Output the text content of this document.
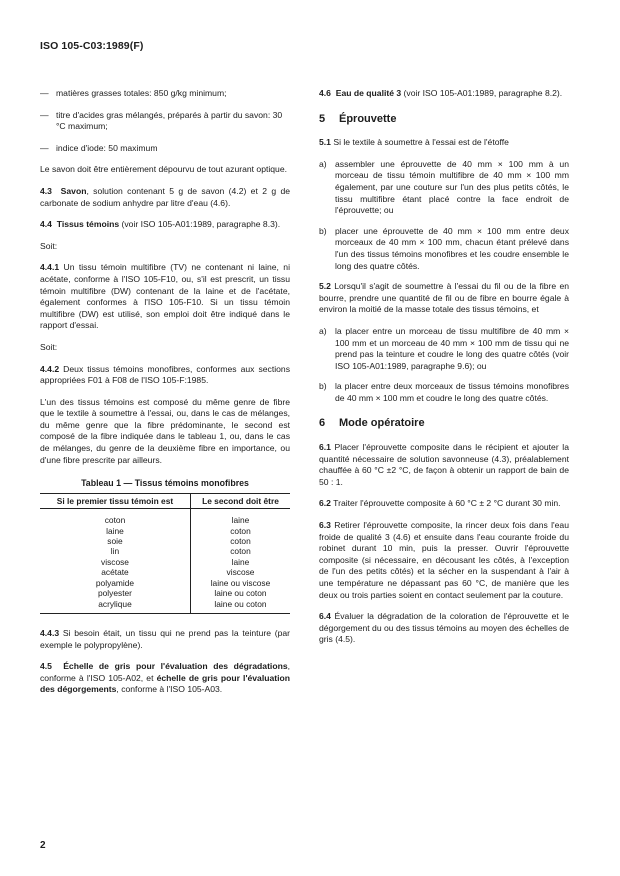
ISO 105-C03:1989(F)
— matières grasses totales: 850 g/kg minimum;
— titre d'acides gras mélangés, préparés à partir du savon: 30 °C maximum;
— indice d'iode: 50 maximum

Le savon doit être entièrement dépourvu de tout azurant optique.

4.3 Savon, solution contenant 5 g de savon (4.2) et 2 g de carbonate de sodium anhydre par litre d'eau (4.6).

4.4 Tissus témoins (voir ISO 105-A01:1989, paragraphe 8.3).

Soit:

4.4.1 Un tissu témoin multifibre (TV) ne contenant ni laine, ni acétate, conforme à l'ISO 105-F10, ou, s'il est prescrit, un tissu témoin multifibre (DW) contenant de la laine et de l'acétate, également conformes à l'ISO 105-F10. Si un tissu témoin multifibre (DW) est utilisé, son emploi doit être indiqué dans le rapport d'essai.

Soit:

4.4.2 Deux tissus témoins monofibres, conformes aux sections appropriées F01 à F08 de l'ISO 105-F:1985.

L'un des tissus témoins est composé du même genre de fibre que le textile à soumettre à l'essai, ou, dans le cas de mélanges, du même genre que la fibre prédominante, le second est composé de la fibre indiquée dans le tableau 1, ou, dans le cas de mélanges, du genre de la deuxième fibre en importance, ou d'une fibre prescrite par ailleurs.

Tableau 1 — Tissus témoins monofibres
Si le premier tissu témoin est	Le second doit être
coton	laine
laine	coton
soie	coton
lin	coton
viscose	laine
acétate	viscose
polyamide	laine ou viscose
polyester	laine ou coton
acrylique	laine ou coton

4.4.3 Si besoin était, un tissu qui ne prend pas la teinture (par exemple le polypropylène).

4.5 Échelle de gris pour l'évaluation des dégradations, conforme à l'ISO 105-A02, et échelle de gris pour l'évaluation des dégorgements, conforme à l'ISO 105-A03.

4.6 Eau de qualité 3 (voir ISO 105-A01:1989, paragraphe 8.2).

5 Éprouvette

5.1 Si le textile à soumettre à l'essai est de l'étoffe

a) assembler une éprouvette de 40 mm × 100 mm à un morceau de tissu témoin multifibre de 40 mm × 100 mm également, par une couture sur l'un des plus petits côtés, le tissu multifibre étant placé contre la face endroit de l'éprouvette; ou
b) placer une éprouvette de 40 mm × 100 mm entre deux morceaux de 40 mm × 100 mm, chacun étant prélevé dans l'un des tissus témoins monofibres et les coudre ensemble le long des quatre côtés.

5.2 Lorsqu'il s'agit de soumettre à l'essai du fil ou de la fibre en bourre, prendre une quantité de fil ou de fibre en bourre égale à environ la moitié de la masse totale des tissus témoins, et

a) la placer entre un morceau de tissu multifibre de 40 mm × 100 mm et un morceau de 40 mm × 100 mm de tissu qui ne prend pas la teinture et coudre le long des quatre côtés (voir ISO 105-A01:1989, paragraphe 9.6); ou
b) la placer entre deux morceaux de tissus témoins monofibres de 40 mm × 100 mm et coudre le long des quatre côtés.
6 Mode opératoire

6.1 Placer l'éprouvette composite dans le récipient et ajouter la quantité nécessaire de solution savonneuse (4.3), préalablement chauffée à 60 °C ±2 °C, de façon à obtenir un rapport de bain de 50 : 1.

6.2 Traiter l'éprouvette composite à 60 °C ± 2 °C durant 30 min.

6.3 Retirer l'éprouvette composite, la rincer deux fois dans l'eau froide de qualité 3 (4.6) et ensuite dans l'eau courante froide du robinet durant 10 min, puis la presser. Ouvrir l'éprouvette composite (si nécessaire, en décousant les côtés, à l'exception de l'un des petits côtés) et la sécher en la suspendant à l'air à une température ne dépassant pas 60 °C, de manière que les deux ou trois parties soient en contact seulement par la couture.

6.4 Évaluer la dégradation de la coloration de l'éprouvette et le dégorgement du ou des tissus témoins au moyen des échelles de gris (4.5).

2
